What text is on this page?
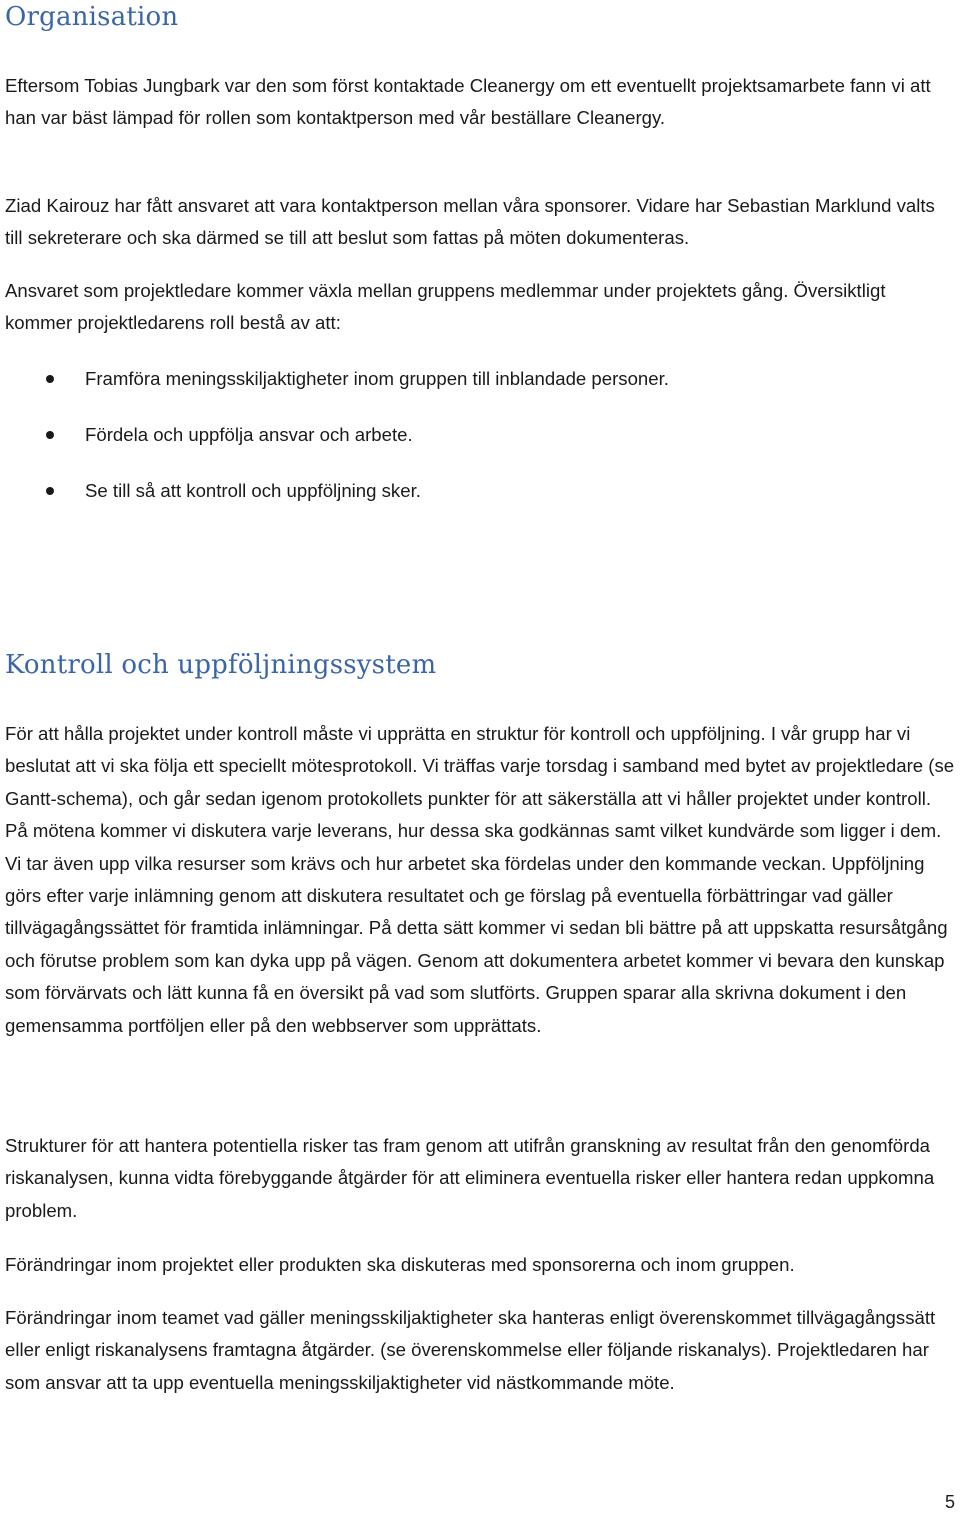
Organisation

Eftersom Tobias Jungbark var den som först kontaktade Cleanergy om ett eventuellt projektsamarbete fann vi att han var bäst lämpad för rollen som kontaktperson med vår beställare Cleanergy.

Ziad Kairouz har fått ansvaret att vara kontaktperson mellan våra sponsorer. Vidare har Sebastian Marklund valts till sekreterare och ska därmed se till att beslut som fattas på möten dokumenteras.

Ansvaret som projektledare kommer växla mellan gruppens medlemmar under projektets gång. Översiktligt kommer projektledarens roll bestå av att:

Framföra meningsskiljaktigheter inom gruppen till inblandade personer.
Fördela och uppfölja ansvar och arbete.
Se till så att kontroll och uppföljning sker.
Kontroll och uppföljningssystem

För att hålla projektet under kontroll måste vi upprätta en struktur för kontroll och uppföljning. I vår grupp har vi beslutat att vi ska följa ett speciellt mötesprotokoll. Vi träffas varje torsdag i samband med bytet av projektledare (se Gantt-schema), och går sedan igenom protokollets punkter för att säkerställa att vi håller projektet under kontroll. På mötena kommer vi diskutera varje leverans, hur dessa ska godkännas samt vilket kundvärde som ligger i dem. Vi tar även upp vilka resurser som krävs och hur arbetet ska fördelas under den kommande veckan. Uppföljning görs efter varje inlämning genom att diskutera resultatet och ge förslag på eventuella förbättringar vad gäller tillvägagångssättet för framtida inlämningar. På detta sätt kommer vi sedan bli bättre på att uppskatta resursåtgång och förutse problem som kan dyka upp på vägen. Genom att dokumentera arbetet kommer vi bevara den kunskap som förvärvats och lätt kunna få en översikt på vad som slutförts. Gruppen sparar alla skrivna dokument i den gemensamma portföljen eller på den webbserver som upprättats.

Strukturer för att hantera potentiella risker tas fram genom att utifrån granskning av resultat från den genomförda riskanalysen, kunna vidta förebyggande åtgärder för att eliminera eventuella risker eller hantera redan uppkomna problem.

Förändringar inom projektet eller produkten ska diskuteras med sponsorerna och inom gruppen.

Förändringar inom teamet vad gäller meningsskiljaktigheter ska hanteras enligt överenskommet tillvägagångssätt eller enligt riskanalysens framtagna åtgärder. (se överenskommelse eller följande riskanalys). Projektledaren har som ansvar att ta upp eventuella meningsskiljaktigheter vid nästkommande möte.

5
